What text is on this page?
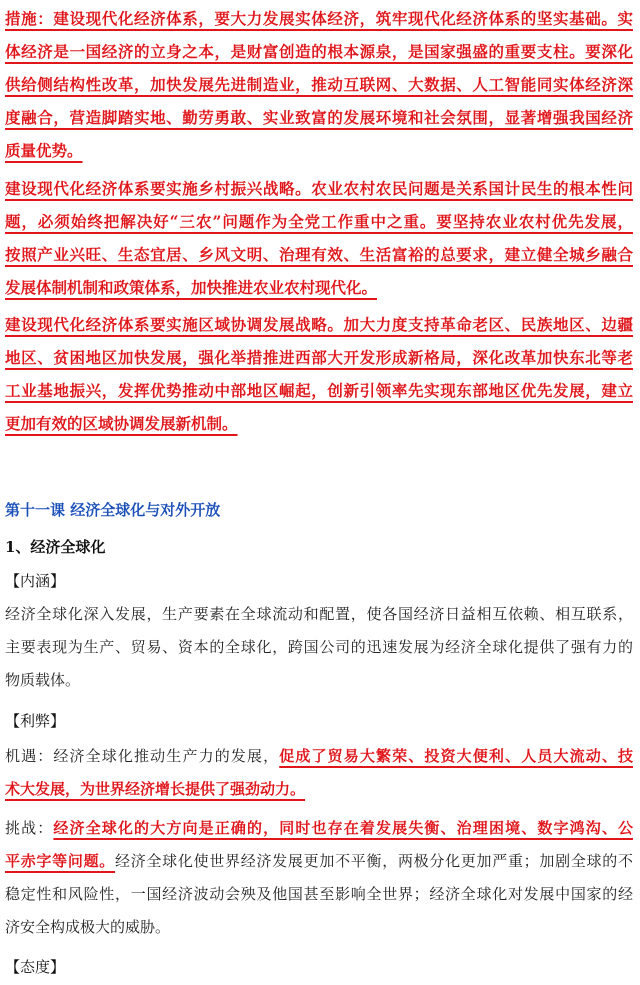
措施：建设现代化经济体系，要大力发展实体经济，筑牢现代化经济体系的坚实基础。实
体经济是一国经济的立身之本，是财富创造的根本源泉，是国家强盛的重要支柱。要深化
供给侧结构性改革，加快发展先进制造业，推动互联网、大数据、人工智能同实体经济深
度融合，营造脚踏实地、勤劳勇敢、实业致富的发展环境和社会氛围，显著增强我国经济
质量优势。
建设现代化经济体系要实施乡村振兴战略。农业农村农民问题是关系国计民生的根本性问
题，必须始终把解决好“三农”问题作为全党工作重中之重。要坚持农业农村优先发展，
按照产业兴旺、生态宜居、乡风文明、治理有效、生活富裕的总要求，建立健全城乡融合
发展体制机制和政策体系，加快推进农业农村现代化。
建设现代化经济体系要实施区域协调发展战略。加大力度支持革命老区、民族地区、边疆
地区、贫困地区加快发展，强化举措推进西部大开发形成新格局，深化改革加快东北等老
工业基地振兴，发挥优势推动中部地区崛起，创新引领率先实现东部地区优先发展，建立
更加有效的区域协调发展新机制。
第十一课 经济全球化与对外开放
1、经济全球化
【内涵】
经济全球化深入发展，生产要素在全球流动和配置，使各国经济日益相互依赖、相互联系，
主要表现为生产、贸易、资本的全球化，跨国公司的迅速发展为经济全球化提供了强有力的
物质载体。
【利弊】
机遇：经济全球化推动生产力的发展，促成了贸易大繁荣、投资大便利、人员大流动、技
术大发展，为世界经济增长提供了强劲动力。
挑战：经济全球化的大方向是正确的，同时也存在着发展失衡、治理困境、数字鸿沟、公
平赤字等问题。经济全球化使世界经济发展更加不平衡，两极分化更加严重；加剧全球的不
稳定性和风险性，一国经济波动会殃及他国甚至影响全世界；经济全球化对发展中国家的经
济安全构成极大的威胁。
【态度】
